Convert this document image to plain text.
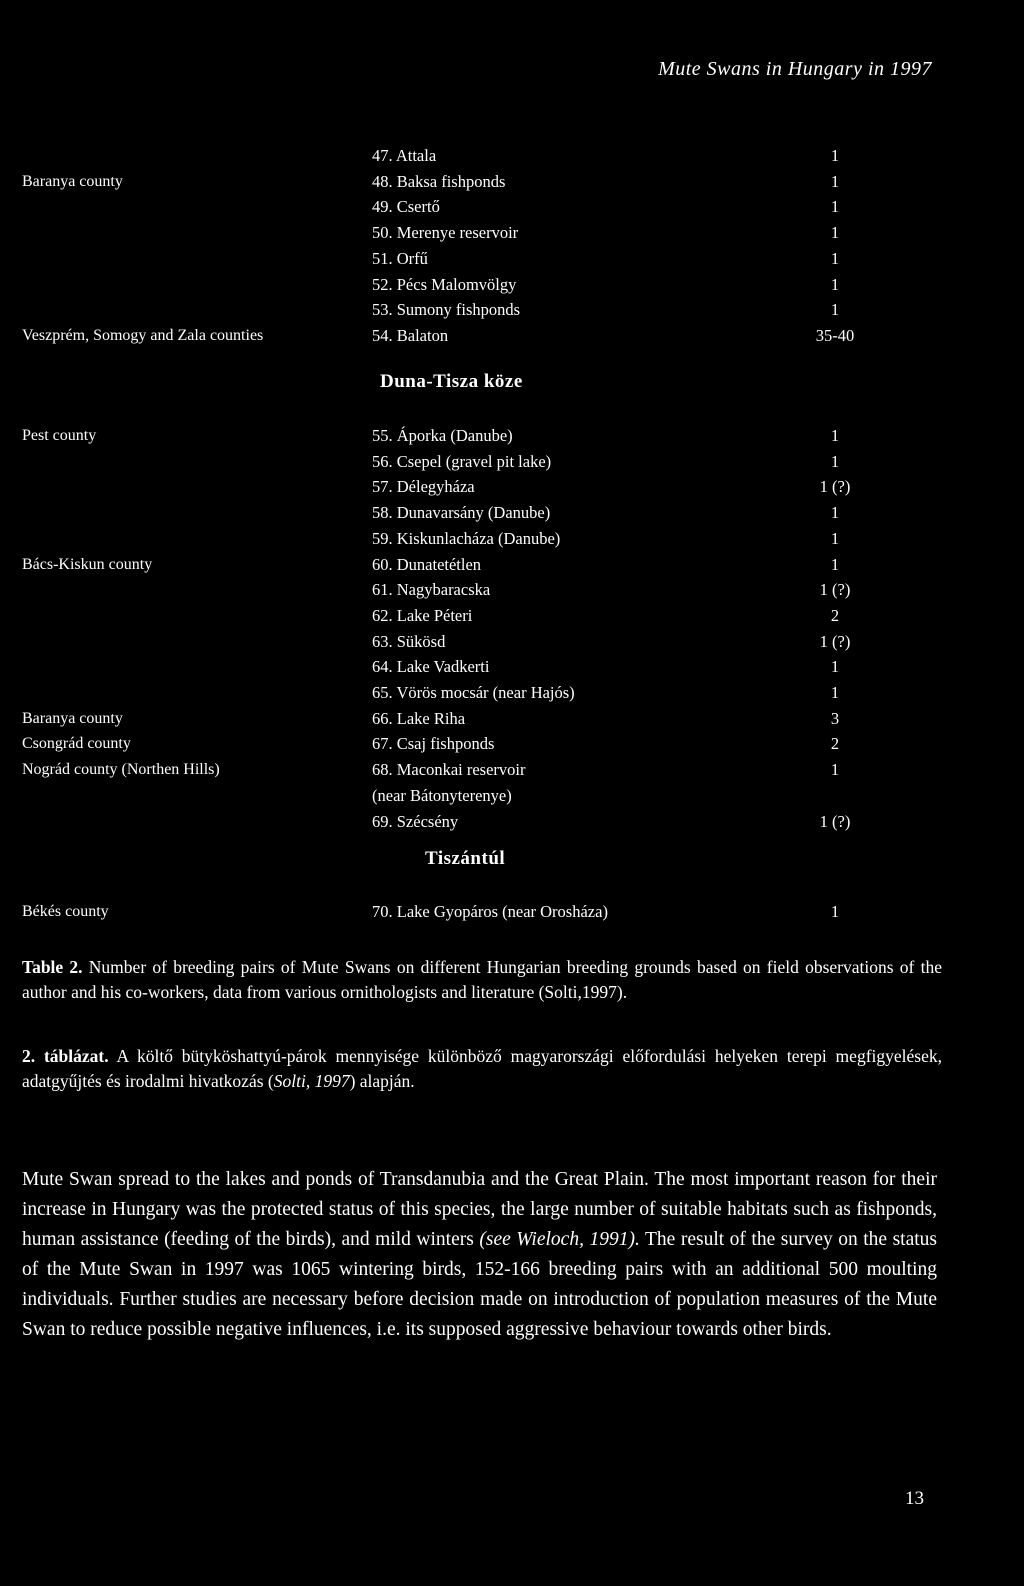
Mute Swans in Hungary in 1997
47. Attala	1
Baranya county	48. Baksa fishponds	1
49. Csertő	1
50. Merenye reservoir	1
51. Orfű	1
52. Pécs Malomvölgy	1
53. Sumony fishponds	1
Veszprém, Somogy and Zala counties	54. Balaton	35-40
Duna-Tisza köze
Pest county	55. Áporka (Danube)	1
56. Csepel (gravel pit lake)	1
57. Délegyháza	1 (?)
58. Dunavarsány (Danube)	1
59. Kiskunlacháza (Danube)	1
Bács-Kiskun county	60. Dunatetétlen	1
61. Nagybaracska	1 (?)
62. Lake Péteri	2
63. Sükösd	1 (?)
64. Lake Vadkerti	1
65. Vörös mocsár (near Hajós)	1
Baranya county	66. Lake Riha	3
Csongrád county	67. Csaj fishponds	2
Nográd county (Northen Hills)	68. Maconkai reservoir	1
(near Bátonyterenye)
69. Szécsény	1 (?)
Tiszántúl
Békés county	70. Lake Gyopáros (near Orosháza)	1
Table 2. Number of breeding pairs of Mute Swans on different Hungarian breeding grounds based on field observations of the author and his co-workers, data from various ornithologists and literature (Solti,1997).
2. táblázat. A költő bütyköshattyú-párok mennyisége különböző magyarországi előfordulási helyeken terepi megfigyelések, adatgyűjtés és irodalmi hivatkozás (Solti, 1997) alapján.
Mute Swan spread to the lakes and ponds of Transdanubia and the Great Plain. The most important reason for their increase in Hungary was the protected status of this species, the large number of suitable habitats such as fishponds, human assistance (feeding of the birds), and mild winters (see Wieloch, 1991). The result of the survey on the status of the Mute Swan in 1997 was 1065 wintering birds, 152-166 breeding pairs with an additional 500 moulting individuals. Further studies are necessary before decision made on introduction of population measures of the Mute Swan to reduce possible negative influences, i.e. its supposed aggressive behaviour towards other birds.
13
